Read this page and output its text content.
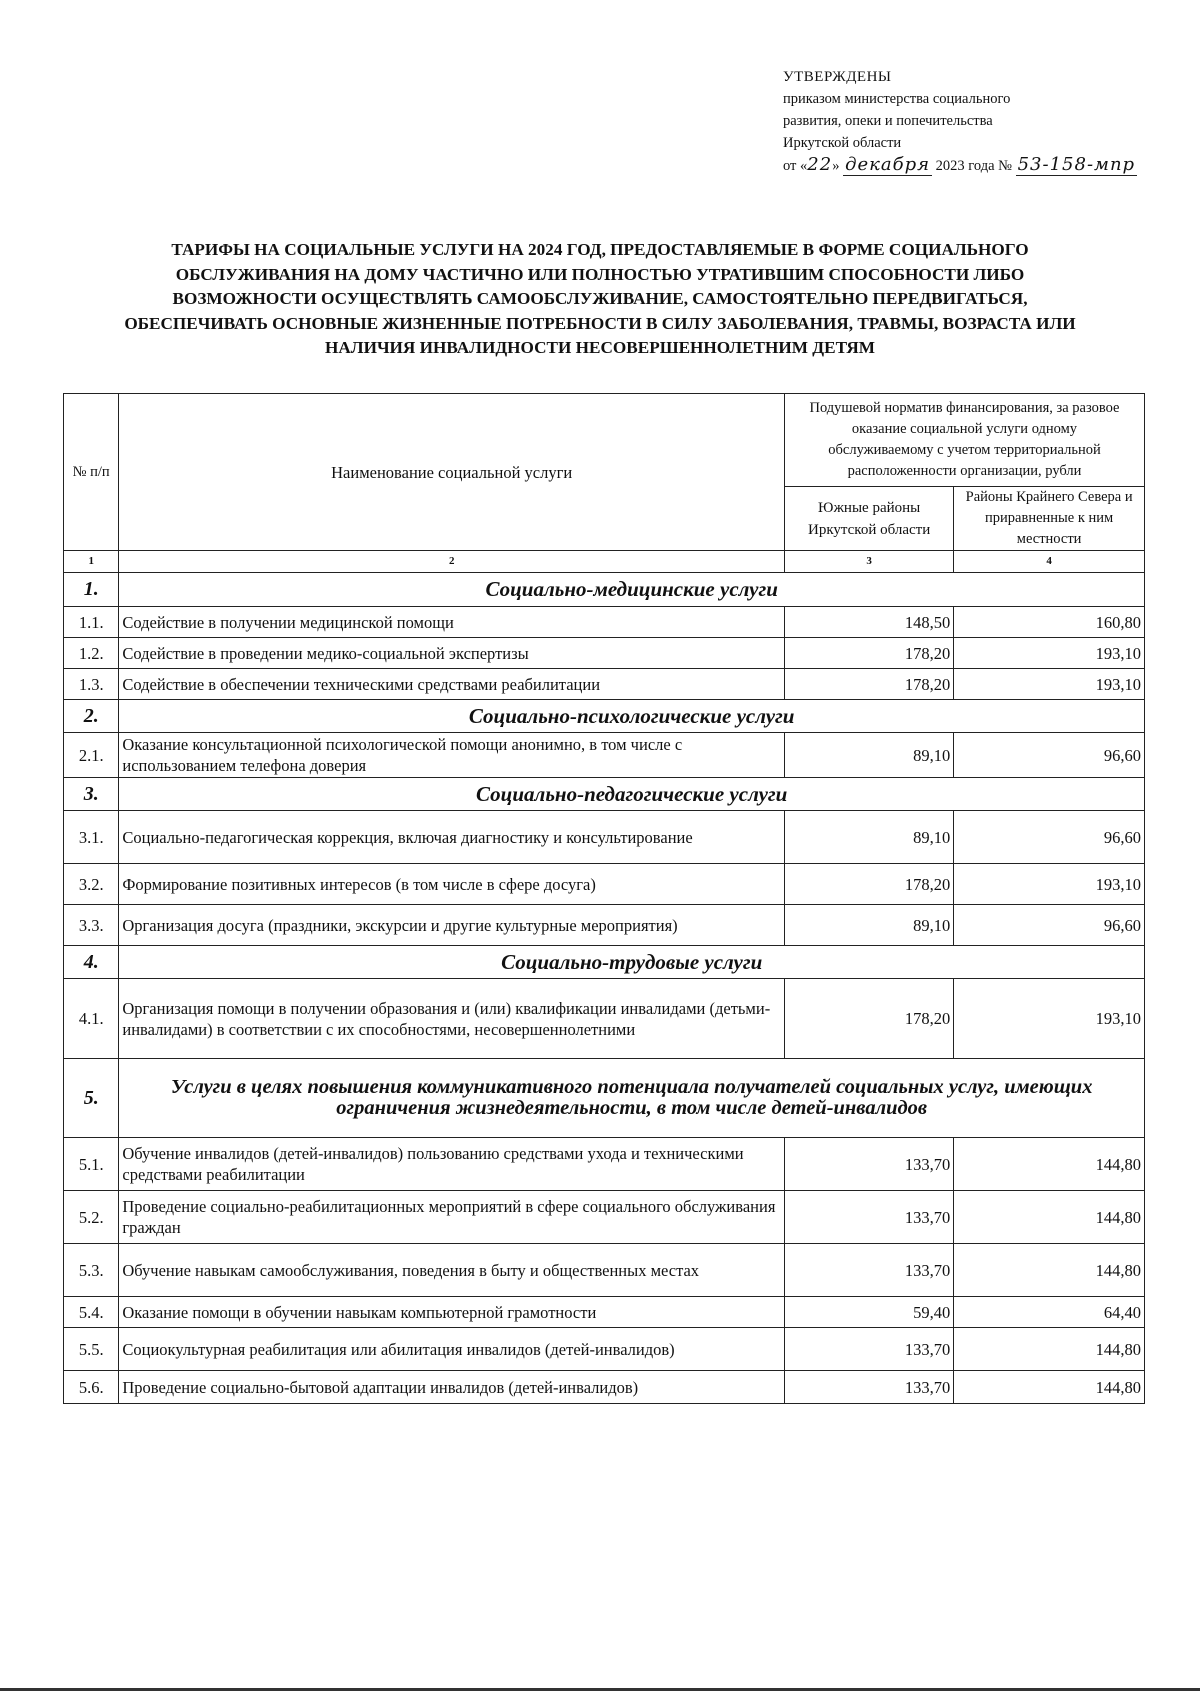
УТВЕРЖДЕНЫ
приказом министерства социального
развития, опеки и попечительства
Иркутской области
от «22» декабря 2023 года № 53-158-мпр
ТАРИФЫ НА СОЦИАЛЬНЫЕ УСЛУГИ НА 2024 ГОД, ПРЕДОСТАВЛЯЕМЫЕ В ФОРМЕ СОЦИАЛЬНОГО
ОБСЛУЖИВАНИЯ НА ДОМУ ЧАСТИЧНО ИЛИ ПОЛНОСТЬЮ УТРАТИВШИМ СПОСОБНОСТИ ЛИБО
ВОЗМОЖНОСТИ ОСУЩЕСТВЛЯТЬ САМООБСЛУЖИВАНИЕ, САМОСТОЯТЕЛЬНО ПЕРЕДВИГАТЬСЯ,
ОБЕСПЕЧИВАТЬ ОСНОВНЫЕ ЖИЗНЕННЫЕ ПОТРЕБНОСТИ В СИЛУ ЗАБОЛЕВАНИЯ, ТРАВМЫ, ВОЗРАСТА ИЛИ
НАЛИЧИЯ ИНВАЛИДНОСТИ НЕСОВЕРШЕННОЛЕТНИМ ДЕТЯМ
№ п/п	Наименование социальной услуги	Подушевой норматив финансирования, за разовое оказание социальной услуги одному обслуживаемому с учетом территориальной расположенности организации, рубли	
		Южные районы Иркутской области	Районы Крайнего Севера и приравненные к ним местности
1	2	3	4
1.	Социально-медицинские услуги		
1.1.	Содействие в получении медицинской помощи	148,50	160,80
1.2.	Содействие в проведении медико-социальной экспертизы	178,20	193,10
1.3.	Содействие в обеспечении техническими средствами реабилитации	178,20	193,10
2.	Социально-психологические услуги		
2.1.	Оказание консультационной психологической помощи анонимно, в том числе с использованием телефона доверия	89,10	96,60
3.	Социально-педагогические услуги		
3.1.	Социально-педагогическая коррекция, включая диагностику и консультирование	89,10	96,60
3.2.	Формирование позитивных интересов (в том числе в сфере досуга)	178,20	193,10
3.3.	Организация досуга (праздники, экскурсии и другие культурные мероприятия)	89,10	96,60
4.	Социально-трудовые услуги		
4.1.	Организация помощи в получении образования и (или) квалификации инвалидами (детьми-инвалидами) в соответствии с их способностями, несовершеннолетними	178,20	193,10
5.	Услуги в целях повышения коммуникативного потенциала получателей социальных услуг, имеющих ограничения жизнедеятельности, в том числе детей-инвалидов		
5.1.	Обучение инвалидов (детей-инвалидов) пользованию средствами ухода и техническими средствами реабилитации	133,70	144,80
5.2.	Проведение социально-реабилитационных мероприятий в сфере социального обслуживания граждан	133,70	144,80
5.3.	Обучение навыкам самообслуживания, поведения в быту и общественных местах	133,70	144,80
5.4.	Оказание помощи в обучении навыкам компьютерной грамотности	59,40	64,40
5.5.	Социокультурная реабилитация или абилитация инвалидов (детей-инвалидов)	133,70	144,80
5.6.	Проведение социально-бытовой адаптации инвалидов (детей-инвалидов)	133,70	144,80
